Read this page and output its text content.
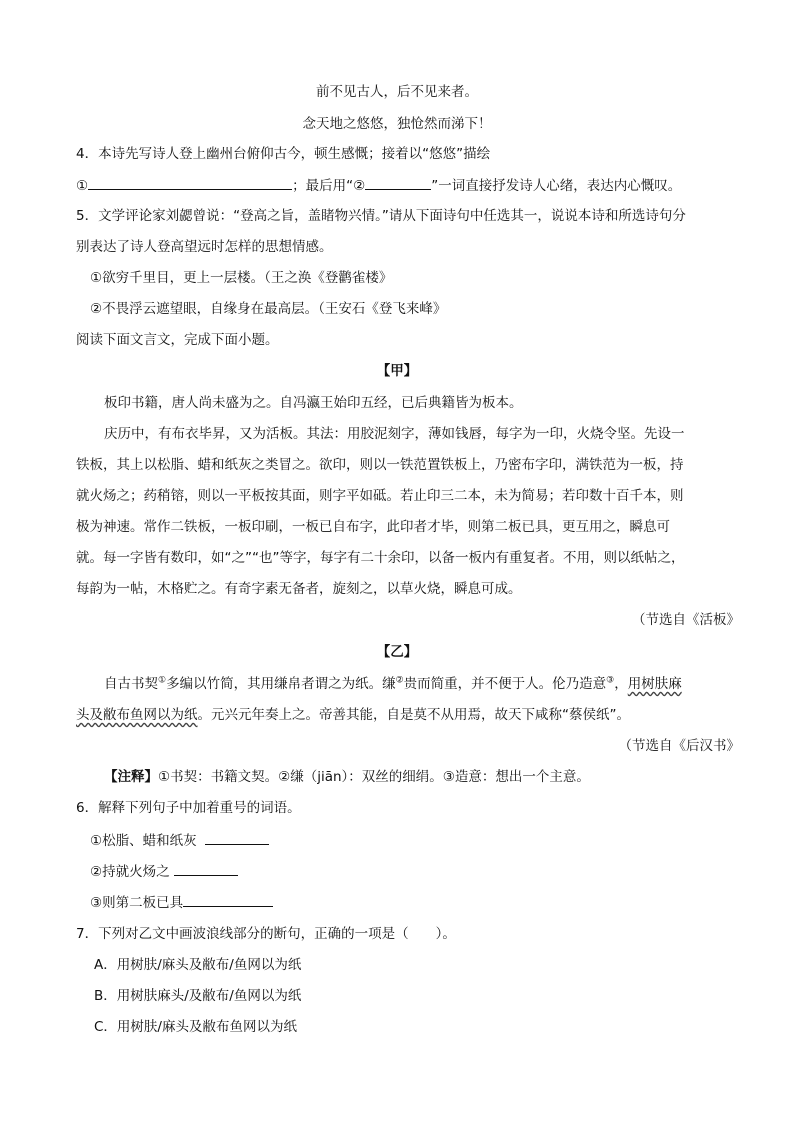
前不见古人，后不见来者。
念天地之悠悠，独怆然而涕下！
4．本诗先写诗人登上幽州台俯仰古今，顿生感慨；接着以“悠悠”描绘
①	；最后用“②	”一词直接抒发诗人心绪，表达内心慨叹。
5．文学评论家刘勰曾说：“登高之旨，盖睹物兴情。”请从下面诗句中任选其一，说说本诗和所选诗句分
别表达了诗人登高望远时怎样的思想情感。
①欲穷千里目，更上一层楼。（王之涣《登鹳雀楼》
②不畏浮云遮望眼，自缘身在最高层。（王安石《登飞来峰》
阅读下面文言文，完成下面小题。
【甲】
板印书籍，唐人尚未盛为之。自冯瀛王始印五经，已后典籍皆为板本。
庆历中，有布衣毕昇，又为活板。其法：用胶泥刻字，薄如钱唇，每字为一印，火烧令坚。先设一
铁板，其上以松脂、蜡和纸灰之类冒之。欲印，则以一铁范置铁板上，乃密布字印，满铁范为一板，持
就火炀之；药稍镕，则以一平板按其面，则字平如砥。若止印三二本，未为简易；若印数十百千本，则
极为神速。常作二铁板，一板印刷，一板已自布字，此印者才毕，则第二板已具，更互用之，瞬息可
就。每一字皆有数印，如“之”“也”等字，每字有二十余印，以备一板内有重复者。不用，则以纸帖之，
每韵为一帖，木格贮之。有奇字素无备者，旋刻之，以草火烧，瞬息可成。
（节选自《活板》
【乙】
自古书契①多编以竹简，其用缣帛者谓之为纸。缣②贵而简重，并不便于人。伦乃造意③，用树肤麻
头及敝布鱼网以为纸。元兴元年奏上之。帝善其能，自是莫不从用焉，故天下咸称“蔡侯纸”。
（节选自《后汉书》
【注释】①书契：书籍文契。②缣（jiān）：双丝的细绢。③造意：想出一个主意。
6．解释下列句子中加着重号的词语。
①松脂、蜡和纸灰
②持就火炀之
③则第二板已具
7．下列对乙文中画波浪线部分的断句，正确的一项是（　　）。
A．用树肤/麻头及敝布/鱼网以为纸
B．用树肤麻头/及敝布/鱼网以为纸
C．用树肤/麻头及敝布鱼网以为纸
